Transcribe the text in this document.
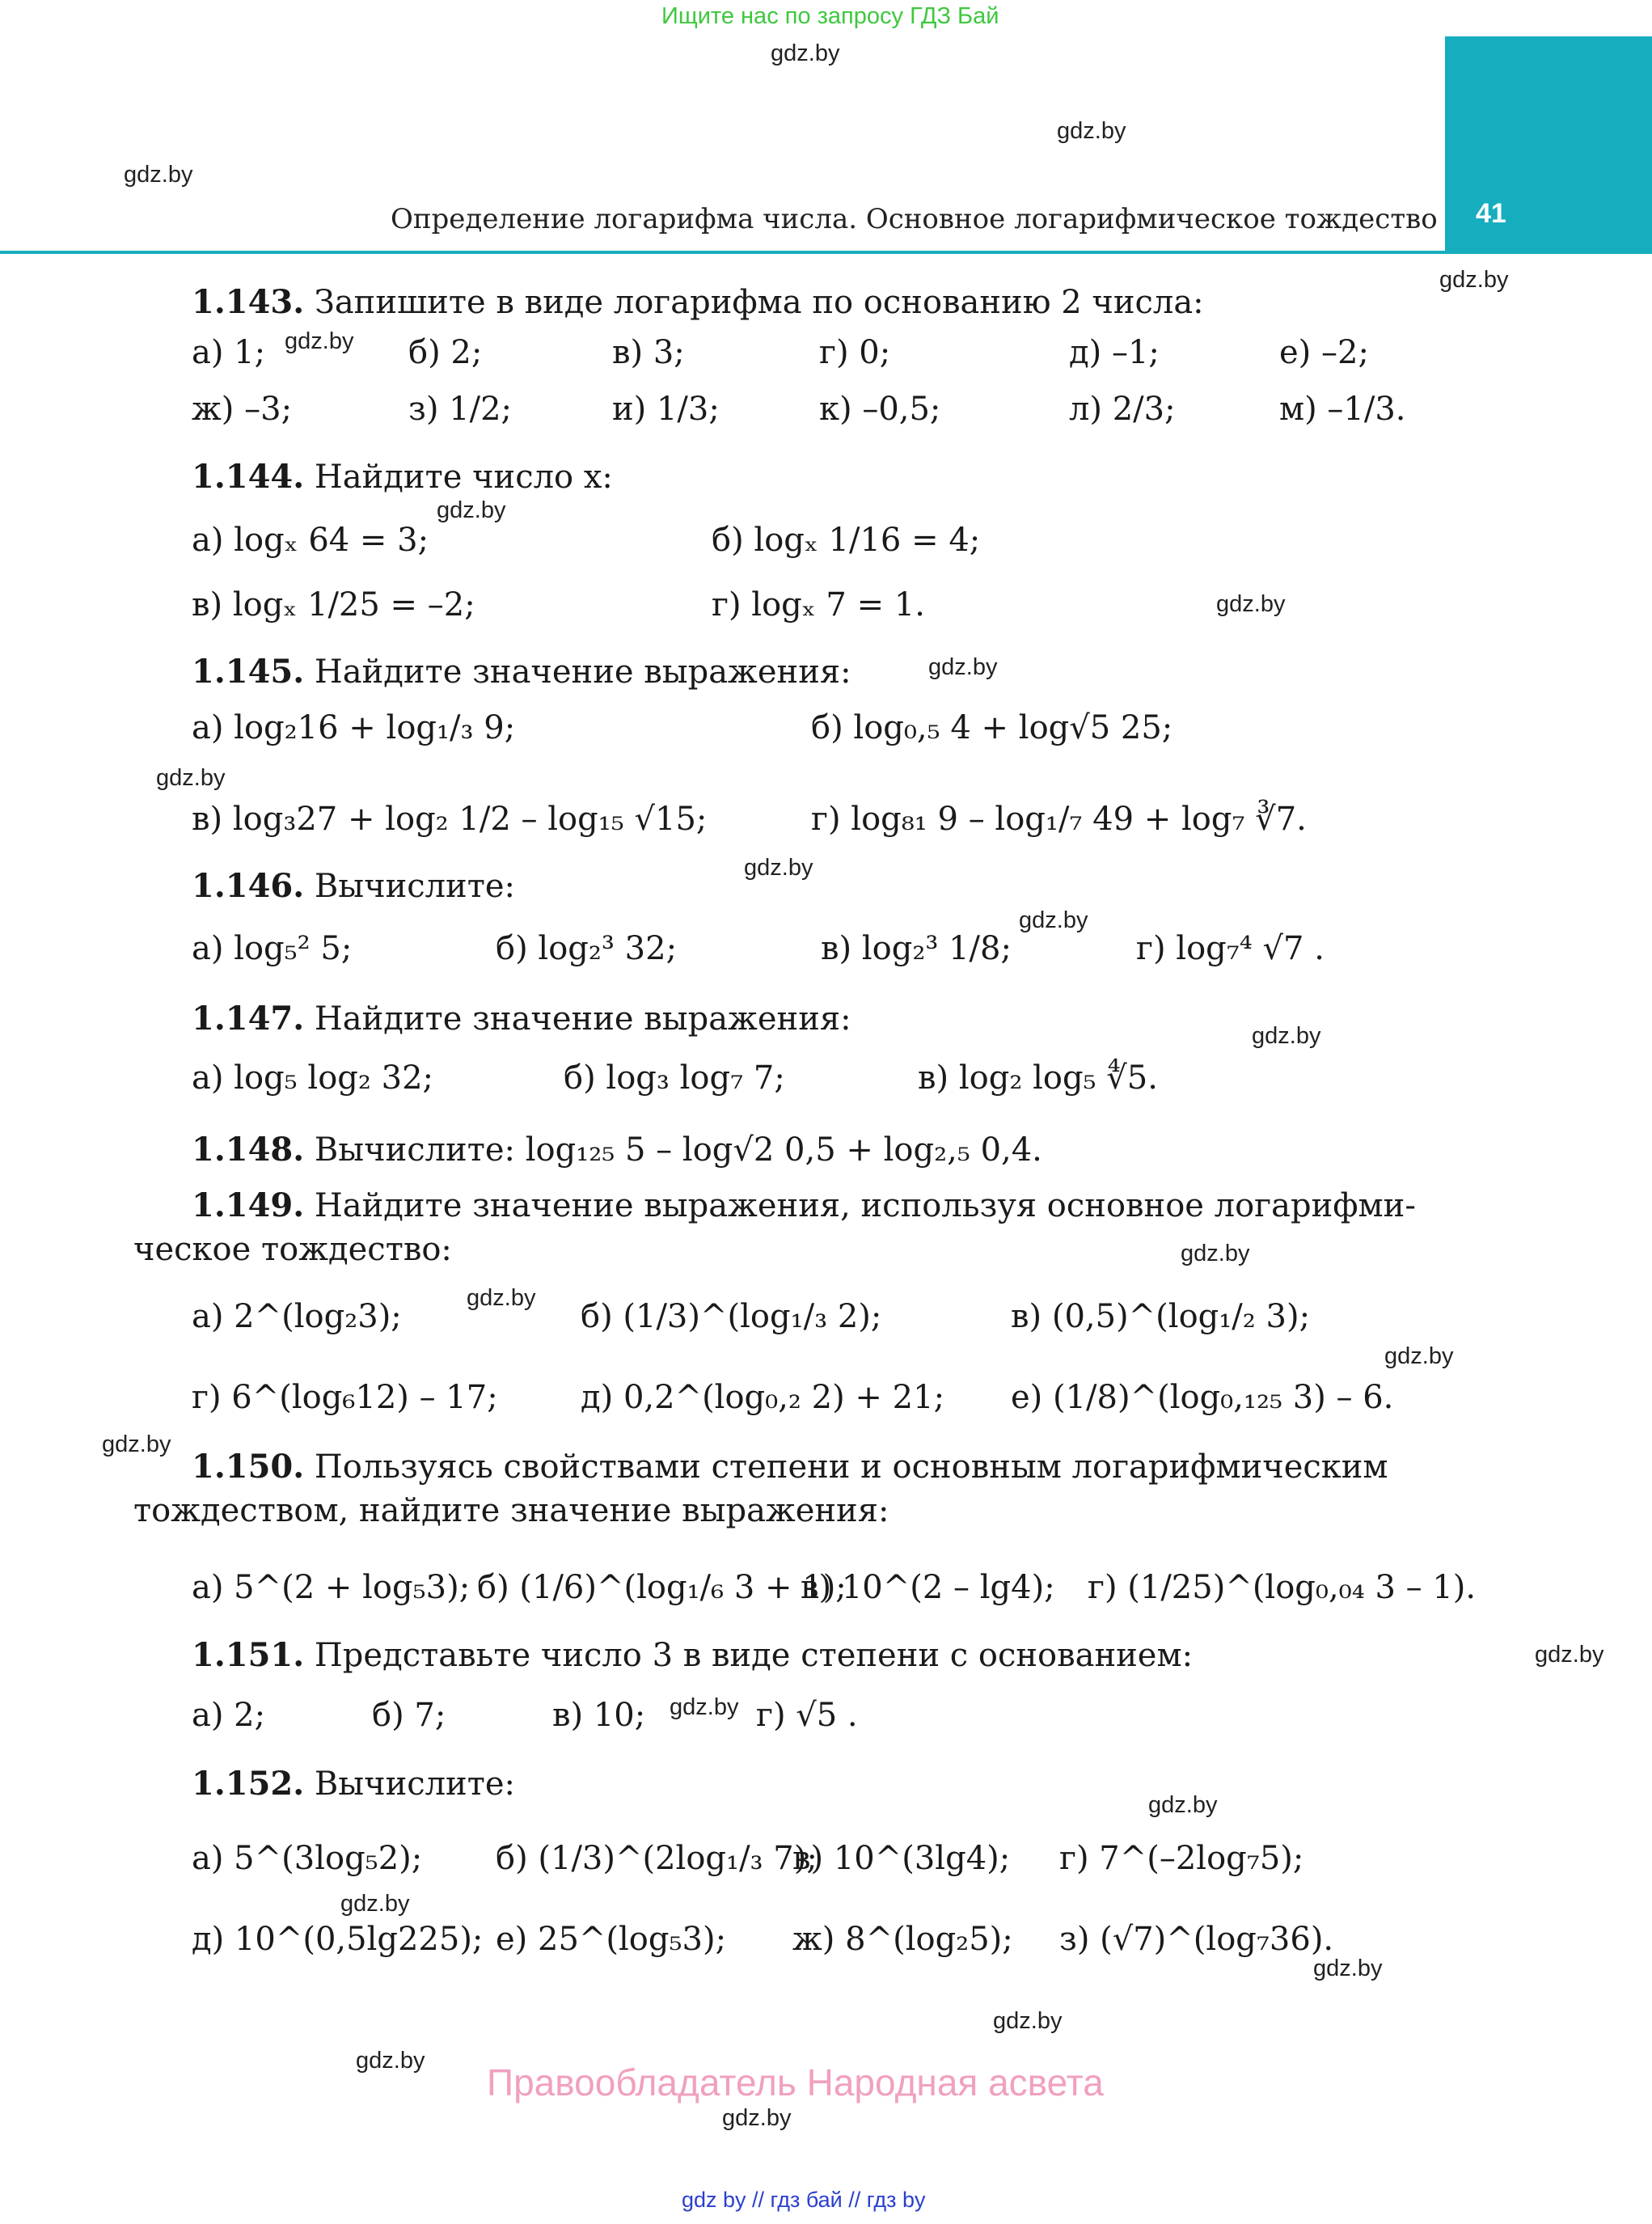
Ищите нас по запросу ГДЗ Бай
41
Определение логарифма числа. Основное логарифмическое тождество
gdz.by
gdz.by
gdz.by
gdz.by
gdz.by
gdz.by
gdz.by
gdz.by
gdz.by
gdz.by
gdz.by
gdz.by
gdz.by
gdz.by
gdz.by
gdz.by
gdz.by
gdz.by
gdz.by
gdz.by
gdz.by
gdz.by
gdz.by
gdz.by
1.143. Запишите в виде логарифма по основанию 2 числа:
а) 1;	б) 2;	в) 3;	г) 0;	д) –1;	е) –2;
ж) –3;	з) 1/2;	и) 1/3;	к) –0,5;	л) 2/3;	м) –1/3.
1.144. Найдите число x:
а) logₓ 64 = 3;	б) logₓ 1/16 = 4;
в) logₓ 1/25 = –2;	г) logₓ 7 = 1.
1.145. Найдите значение выражения:
а) log₂16 + log₁/₃ 9;	б) log₀,₅ 4 + log√5 25;
в) log₃27 + log₂ 1/2 – log₁₅ √15;	г) log₈₁ 9 – log₁/₇ 49 + log₇ ∛7.
1.146. Вычислите:
а) log₅² 5;	б) log₂³ 32;	в) log₂³ 1/8;	г) log₇⁴ √7 .
1.147. Найдите значение выражения:
а) log₅ log₂ 32;	б) log₃ log₇ 7;	в) log₂ log₅ ∜5.
1.148. Вычислите: log₁₂₅ 5 – log√2 0,5 + log₂,₅ 0,4.
1.149. Найдите значение выражения, используя основное логарифми-
ческое тождество:
а) 2^(log₂3);	б) (1/3)^(log₁/₃ 2);	в) (0,5)^(log₁/₂ 3);
г) 6^(log₆12) – 17;	д) 0,2^(log₀,₂ 2) + 21; е) (1/8)^(log₀,₁₂₅ 3) – 6.
1.150. Пользуясь свойствами степени и основным логарифмическим
тождеством, найдите значение выражения:
а) 5^(2 + log₅3); б) (1/6)^(log₁/₆ 3 + 1);
в) 10^(2 – lg4); г) (1/25)^(log₀,₀₄ 3 – 1).
1.151. Представьте число 3 в виде степени с основанием:
а) 2;	б) 7;	в) 10;	г) √5 .
1.152. Вычислите:
а) 5^(3log₅2); б) (1/3)^(2log₁/₃ 7);
в) 10^(3lg4); г) 7^(–2log₇5);
д) 10^(0,5lg225); е) 25^(log₅3); ж) 8^(log₂5); з) (√7)^(log₇36).
Правообладатель Народная асвета
gdz by // гдз бай // гдз by
